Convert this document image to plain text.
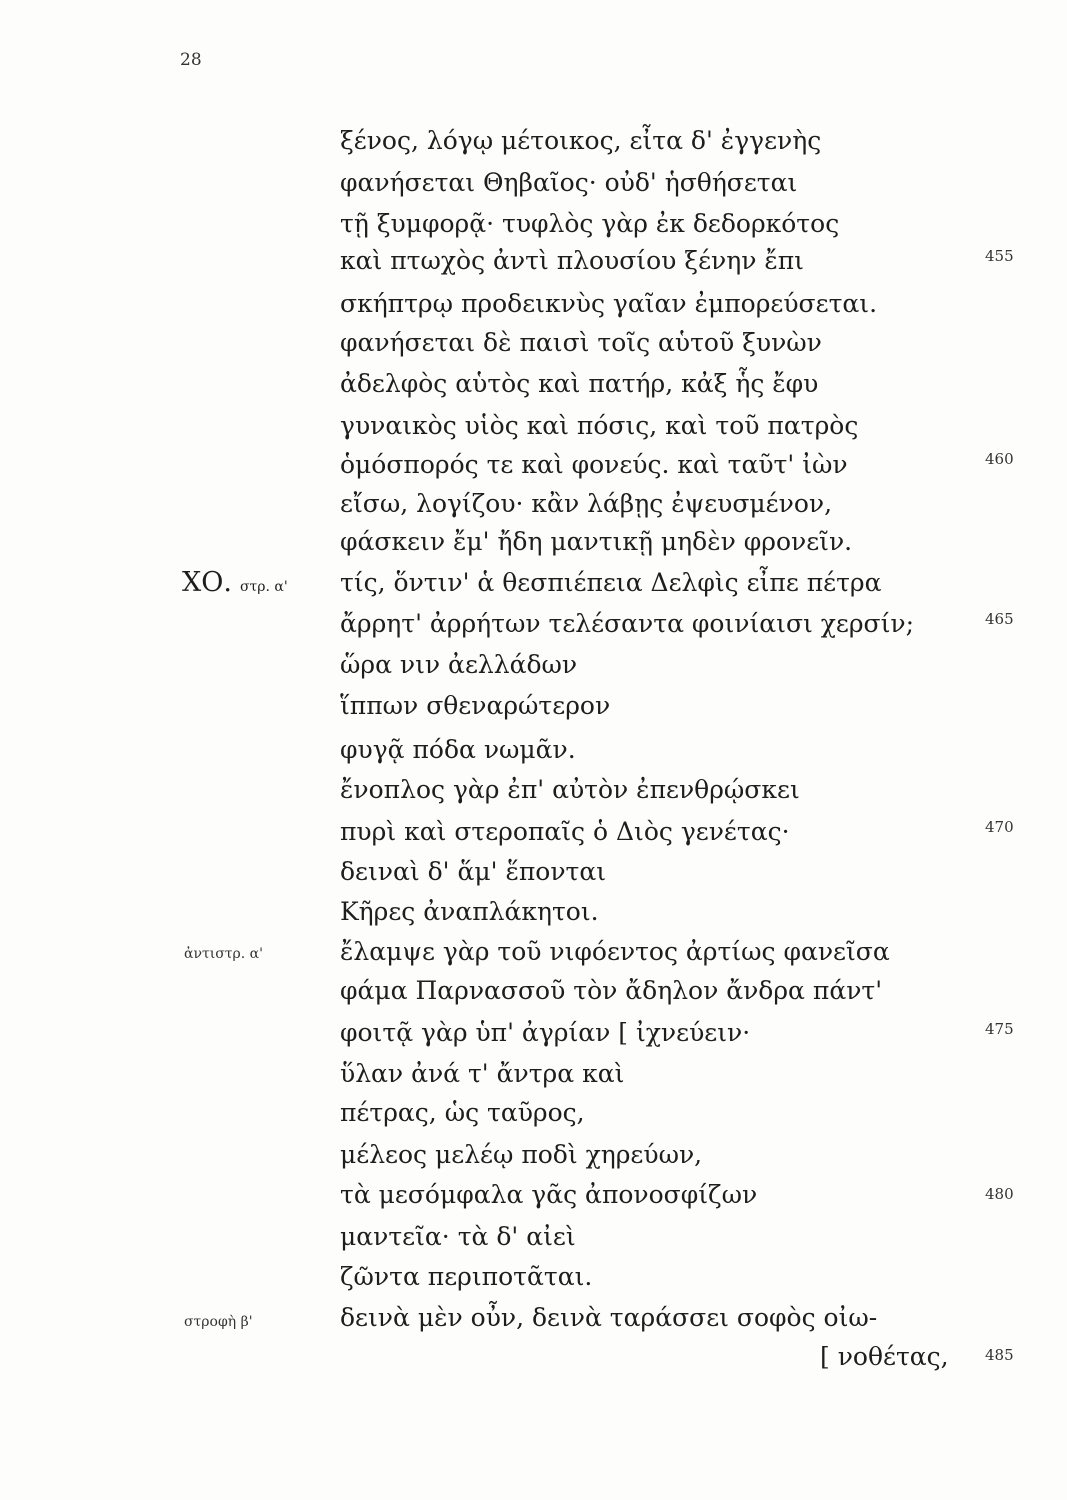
28
ξένος, λόγῳ μέτοικος, εἶτα δ' ἐγγενὴς
φανήσεται Θηβαῖος· οὐδ' ἡσθήσεται
τῇ ξυμφορᾷ· τυφλὸς γὰρ ἐκ δεδορκότος
καὶ πτωχὸς ἀντὶ πλουσίου ξένην ἔπι
σκήπτρῳ προδεικνὺς γαῖαν ἐμπορεύσεται.
φανήσεται δὲ παισὶ τοῖς αὑτοῦ ξυνὼν
ἀδελφὸς αὑτὸς καὶ πατήρ, κἀξ ἧς ἔφυ
γυναικὸς υἱὸς καὶ πόσις, καὶ τοῦ πατρὸς
ὁμόσπορός τε καὶ φονεύς. καὶ ταῦτ' ἰὼν
εἴσω, λογίζου· κἂν λάβῃς ἐψευσμένον,
φάσκειν ἔμ' ἤδη μαντικῇ μηδὲν φρονεῖν.
τίς, ὅντιν' ἁ θεσπιέπεια Δελφὶς εἶπε πέτρα
ἄρρητ' ἀρρήτων τελέσαντα φοινίαισι χερσίν;
ὥρα νιν ἀελλάδων
ἵππων σθεναρώτερον
φυγᾷ πόδα νωμᾶν.
ἔνοπλος γὰρ ἐπ' αὐτὸν ἐπενθρῴσκει
πυρὶ καὶ στεροπαῖς ὁ Διὸς γενέτας·
δειναὶ δ' ἅμ' ἕπονται
Κῆρες ἀναπλάκητοι.
ἔλαμψε γὰρ τοῦ νιφόεντος ἀρτίως φανεῖσα
φάμα Παρνασσοῦ τὸν ἄδηλον ἄνδρα πάντ'
φοιτᾷ γὰρ ὑπ' ἀγρίαν [ ἰχνεύειν·
ὕλαν ἀνά τ' ἄντρα καὶ
πέτρας, ὡς ταῦρος,
μέλεος μελέῳ ποδὶ χηρεύων,
τὰ μεσόμφαλα γᾶς ἀπονοσφίζων
μαντεῖα· τὰ δ' αἰεὶ
ζῶντα περιποτᾶται.
δεινὰ μὲν οὖν, δεινὰ ταράσσει σοφὸς οἰω-
[ νοθέτας,
455
460
465
470
475
480
485
ΧΟ. στρ. α'
ἀντιστρ. α'
στροφὴ β'
